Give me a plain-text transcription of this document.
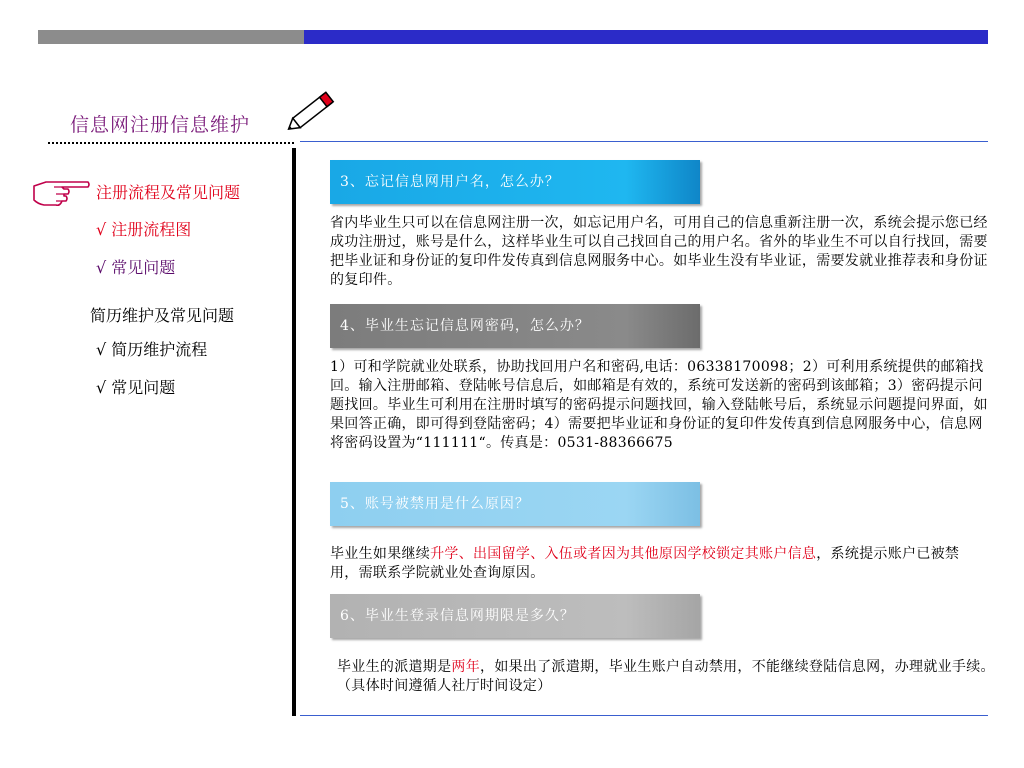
信息网注册信息维护
注册流程及常见问题
√ 注册流程图
√ 常见问题
简历维护及常见问题
√ 简历维护流程
√ 常见问题
3、忘记信息网用户名，怎么办？
省内毕业生只可以在信息网注册一次，如忘记用户名，可用自己的信息重新注册一次，系统会提示您已经成功注册过，账号是什么，这样毕业生可以自己找回自己的用户名。省外的毕业生不可以自行找回，需要把毕业证和身份证的复印件发传真到信息网服务中心。如毕业生没有毕业证，需要发就业推荐表和身份证的复印件。
4、毕业生忘记信息网密码，怎么办？
1）可和学院就业处联系，协助找回用户名和密码,电话：06338170098；2）可利用系统提供的邮箱找回。输入注册邮箱、登陆帐号信息后，如邮箱是有效的，系统可发送新的密码到该邮箱；3）密码提示问题找回。毕业生可利用在注册时填写的密码提示问题找回，输入登陆帐号后，系统显示问题提问界面，如果回答正确，即可得到登陆密码；4）需要把毕业证和身份证的复印件发传真到信息网服务中心，信息网将密码设置为“111111“。传真是：0531-88366675
5、账号被禁用是什么原因？
毕业生如果继续升学、出国留学、入伍或者因为其他原因学校锁定其账户信息，系统提示账户已被禁用，需联系学院就业处查询原因。
6、毕业生登录信息网期限是多久？
毕业生的派遣期是两年，如果出了派遣期，毕业生账户自动禁用，不能继续登陆信息网，办理就业手续。（具体时间遵循人社厅时间设定）
